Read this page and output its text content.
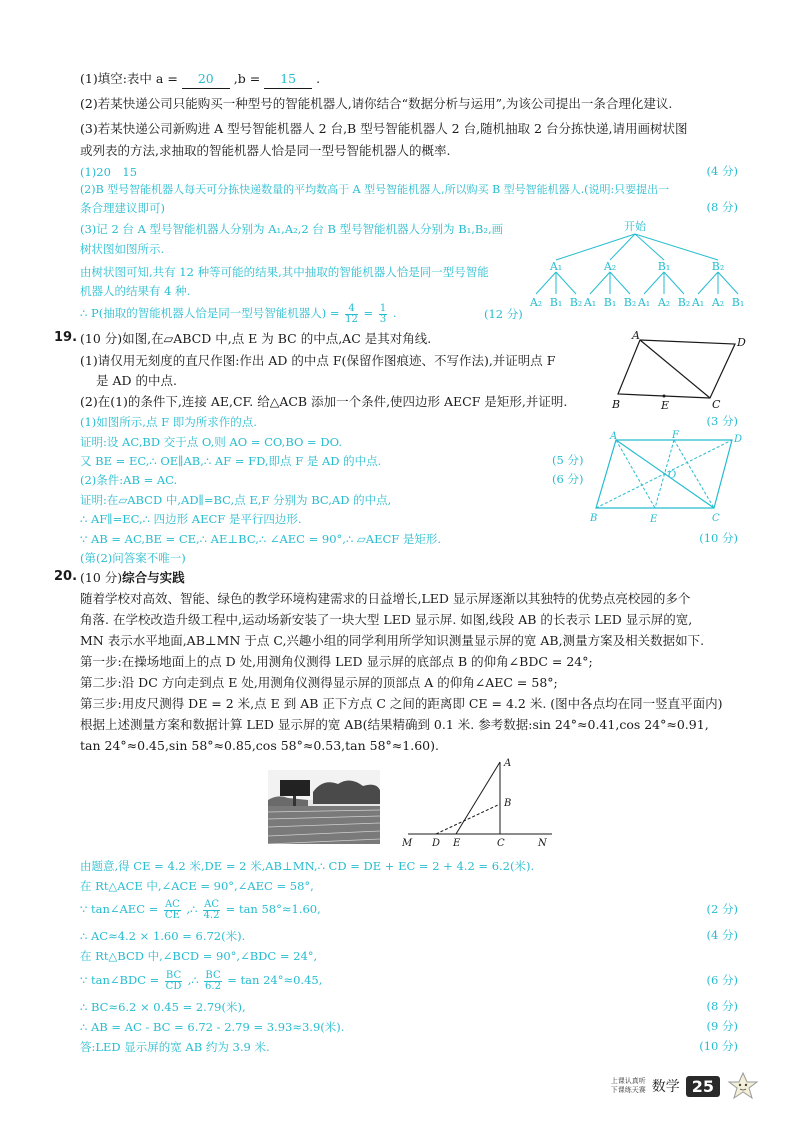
(1)填空:表中 a = 20 ,b = 15 .
(2)若某快递公司只能购买一种型号的智能机器人,请你结合“数据分析与运用”,为该公司提出一条合理化建议.
(3)若某快递公司新购进 A 型号智能机器人 2 台,B 型号智能机器人 2 台,随机抽取 2 台分拣快递,请用画树状图
或列表的方法,求抽取的智能机器人恰是同一型号智能机器人的概率.
(1)20　15	(4 分)
(2)B 型号智能机器人每天可分拣快递数量的平均数高于 A 型号智能机器人,所以购买 B 型号智能机器人.(说明:只要提出一
条合理建议即可)	(8 分)
(3)记 2 台 A 型号智能机器人分别为 A₁,A₂,2 台 B 型号智能机器人分别为 B₁,B₂,画
树状图如图所示.
由树状图可知,共有 12 种等可能的结果,其中抽取的智能机器人恰是同一型号智能
机器人的结果有 4 种.
∴ P(抽取的智能机器人恰是同一型号智能机器人) = $\frac{4}{12} = \frac{1}{3}$ .	(12 分)
开始
A₁	A₂	B₁	B₂
A₂ B₁ B₂ A₁ B₁ B₂ A₁ A₂ B₂ A₁ A₂ B₁
19. (10 分)如图,在▱ABCD 中,点 E 为 BC 的中点,AC 是其对角线.
(1)请仅用无刻度的直尺作图:作出 AD 的中点 F(保留作图痕迹、不写作法),并证明点 F
是 AD 的中点.
(2)在(1)的条件下,连接 AE,CF. 给△ACB 添加一个条件,使四边形 AECF 是矩形,并证明.
(1)如图所示,点 F 即为所求作的点.	(3 分)
证明:设 AC,BD 交于点 O,则 AO = CO,BO = DO.
又 BE = EC,∴ OE∥AB,∴ AF = FD,即点 F 是 AD 的中点.	(5 分)
(2)条件:AB = AC.	(6 分)
证明:在▱ABCD 中,AD∥=BC,点 E,F 分别为 BC,AD 的中点,
∴ AF∥=EC,∴ 四边形 AECF 是平行四边形.
∵ AB = AC,BE = CE,∴ AE⊥BC,∴ ∠AEC = 90°,∴ ▱AECF 是矩形.	(10 分)
(第(2)问答案不唯一)
A
D
B	E	C
A	F	D
O
B	E	C
20. (10 分)综合与实践
随着学校对高效、智能、绿色的教学环境构建需求的日益增长,LED 显示屏逐渐以其独特的优势点亮校园的多个
角落. 在学校改造升级工程中,运动场新安装了一块大型 LED 显示屏. 如图,线段 AB 的长表示 LED 显示屏的宽,
MN 表示水平地面,AB⊥MN 于点 C,兴趣小组的同学利用所学知识测量显示屏的宽 AB,测量方案及相关数据如下.
第一步:在操场地面上的点 D 处,用测角仪测得 LED 显示屏的底部点 B 的仰角∠BDC = 24°;
第二步:沿 DC 方向走到点 E 处,用测角仪测得显示屏的顶部点 A 的仰角∠AEC = 58°;
第三步:用皮尺测得 DE = 2 米,点 E 到 AB 正下方点 C 之间的距离即 CE = 4.2 米. (图中各点均在同一竖直平面内)
根据上述测量方案和数据计算 LED 显示屏的宽 AB(结果精确到 0.1 米. 参考数据:sin 24°≈0.41,cos 24°≈0.91,
tan 24°≈0.45,sin 58°≈0.85,cos 58°≈0.53,tan 58°≈1.60).
A
B
M D E	C	N
由题意,得 CE = 4.2 米,DE = 2 米,AB⊥MN,∴ CD = DE + EC = 2 + 4.2 = 6.2(米).
在 Rt△ACE 中,∠ACE = 90°,∠AEC = 58°,
∵ tan∠AEC = $\frac{AC}{CE}$ ,∴ $\frac{AC}{4.2} = \tan 58^\circ\approx 1.60$,	(2 分)
∴ AC≈4.2 × 1.60 = 6.72(米).	(4 分)
在 Rt△BCD 中,∠BCD = 90°,∠BDC = 24°,
∵ tan∠BDC = $\frac{BC}{CD}$ ,∴ $\frac{BC}{6.2} = \tan 24^\circ\approx 0.45$,	(6 分)
∴ BC≈6.2 × 0.45 = 2.79(米),	(8 分)
∴ AB = AC - BC = 6.72 - 2.79 = 3.93≈3.9(米).	(9 分)
答:LED 显示屏的宽 AB 约为 3.9 米.	(10 分)
上课认真听
下课练天赛 数学 25
